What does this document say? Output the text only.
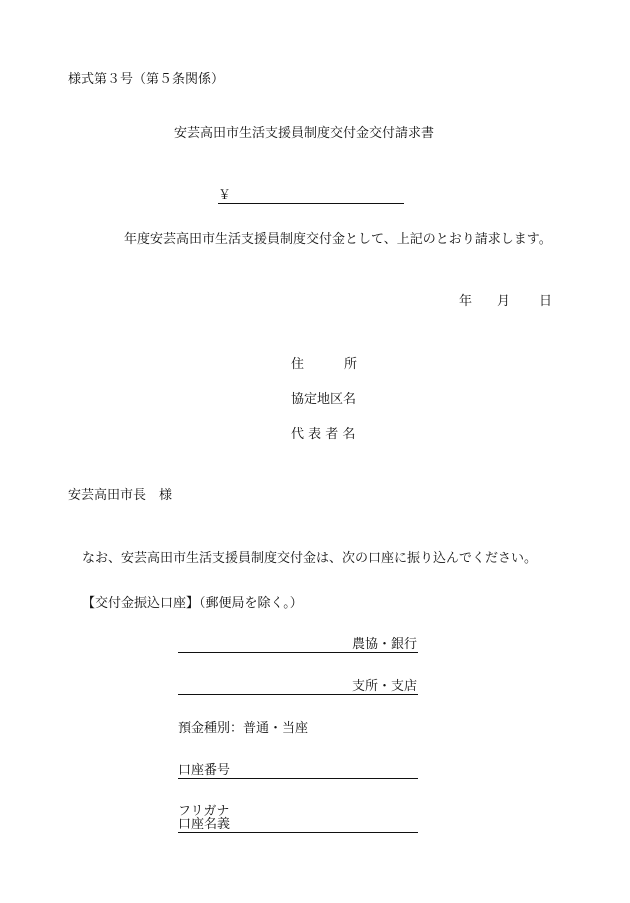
様式第３号（第５条関係）
安芸高田市生活支援員制度交付金交付請求書
￥
年度安芸高田市生活支援員制度交付金として、上記のとおり請求します。
年 月 日
住	所
協定地区名
代 表 者 名
安芸高田市長　様
なお、安芸高田市生活支援員制度交付金は、次の口座に振り込んでください。
【交付金振込口座】（郵便局を除く。）
農協・銀行
支所・支店
預金種別：普通・当座
口座番号
フリガナ
口座名義
